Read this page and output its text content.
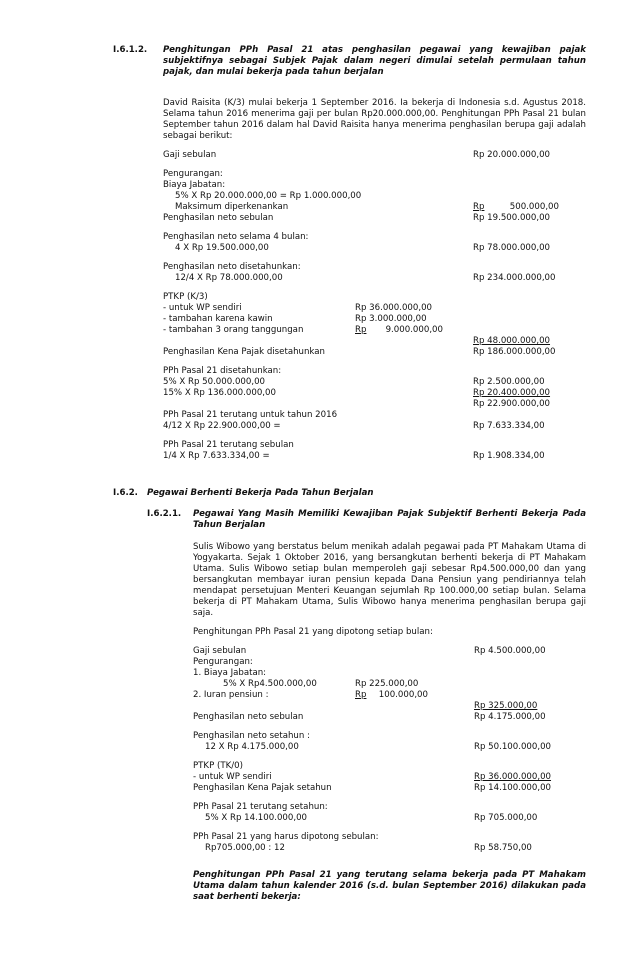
I.6.1.2. Penghitungan PPh Pasal 21 atas penghasilan pegawai yang kewajiban pajak subjektifnya sebagai Subjek Pajak dalam negeri dimulai setelah permulaan tahun pajak, dan mulai bekerja pada tahun berjalan
David Raisita (K/3) mulai bekerja 1 September 2016. Ia bekerja di Indonesia s.d. Agustus 2018. Selama tahun 2016 menerima gaji per bulan Rp20.000.000,00. Penghitungan PPh Pasal 21 bulan September tahun 2016 dalam hal David Raisita hanya menerima penghasilan berupa gaji adalah sebagai berikut:
Gaji sebulan	Rp 20.000.000,00
Pengurangan:
Biaya Jabatan:
5% X Rp 20.000.000,00 = Rp 1.000.000,00
Maksimum diperkenankan	Rp	500.000,00
Penghasilan neto sebulan	Rp 19.500.000,00
Penghasilan neto selama 4 bulan:
4 X Rp 19.500.000,00	Rp 78.000.000,00
Penghasilan neto disetahunkan:
12/4 X Rp 78.000.000,00	Rp 234.000.000,00
PTKP (K/3)
- untuk WP sendiri	Rp 36.000.000,00
- tambahan karena kawin	Rp 3.000.000,00
- tambahan 3 orang tanggungan	Rp 9.000.000,00
Rp 48.000.000,00
Penghasilan Kena Pajak disetahunkan	Rp 186.000.000,00
PPh Pasal 21 disetahunkan:
5% X Rp 50.000.000,00	Rp 2.500.000,00
15% X Rp 136.000.000,00	Rp 20.400.000,00
Rp 22.900.000,00
PPh Pasal 21 terutang untuk tahun 2016
4/12 X Rp 22.900.000,00 =	Rp 7.633.334,00
PPh Pasal 21 terutang sebulan
1/4 X Rp 7.633.334,00 =	Rp 1.908.334,00
I.6.2. Pegawai Berhenti Bekerja Pada Tahun Berjalan
I.6.2.1. Pegawai Yang Masih Memiliki Kewajiban Pajak Subjektif Berhenti Bekerja Pada Tahun Berjalan
Sulis Wibowo yang berstatus belum menikah adalah pegawai pada PT Mahakam Utama di Yogyakarta. Sejak 1 Oktober 2016, yang bersangkutan berhenti bekerja di PT Mahakam Utama. Sulis Wibowo setiap bulan memperoleh gaji sebesar Rp4.500.000,00 dan yang bersangkutan membayar iuran pensiun kepada Dana Pensiun yang pendiriannya telah mendapat persetujuan Menteri Keuangan sejumlah Rp 100.000,00 setiap bulan. Selama bekerja di PT Mahakam Utama, Sulis Wibowo hanya menerima penghasilan berupa gaji saja.
Penghitungan PPh Pasal 21 yang dipotong setiap bulan:
Gaji sebulan	Rp 4.500.000,00
Pengurangan:
1. Biaya Jabatan:
5% X Rp4.500.000,00	Rp 225.000,00
2. Iuran pensiun :	Rp 100.000,00
Rp 325.000,00
Penghasilan neto sebulan	Rp 4.175.000,00
Penghasilan neto setahun :
12 X Rp 4.175.000,00	Rp 50.100.000,00
PTKP (TK/0)
- untuk WP sendiri	Rp 36.000.000,00
Penghasilan Kena Pajak setahun	Rp 14.100.000,00
PPh Pasal 21 terutang setahun:
5% X Rp 14.100.000,00	Rp 705.000,00
PPh Pasal 21 yang harus dipotong sebulan:
Rp705.000,00 : 12	Rp 58.750,00
Penghitungan PPh Pasal 21 yang terutang selama bekerja pada PT Mahakam Utama dalam tahun kalender 2016 (s.d. bulan September 2016) dilakukan pada saat berhenti bekerja:
